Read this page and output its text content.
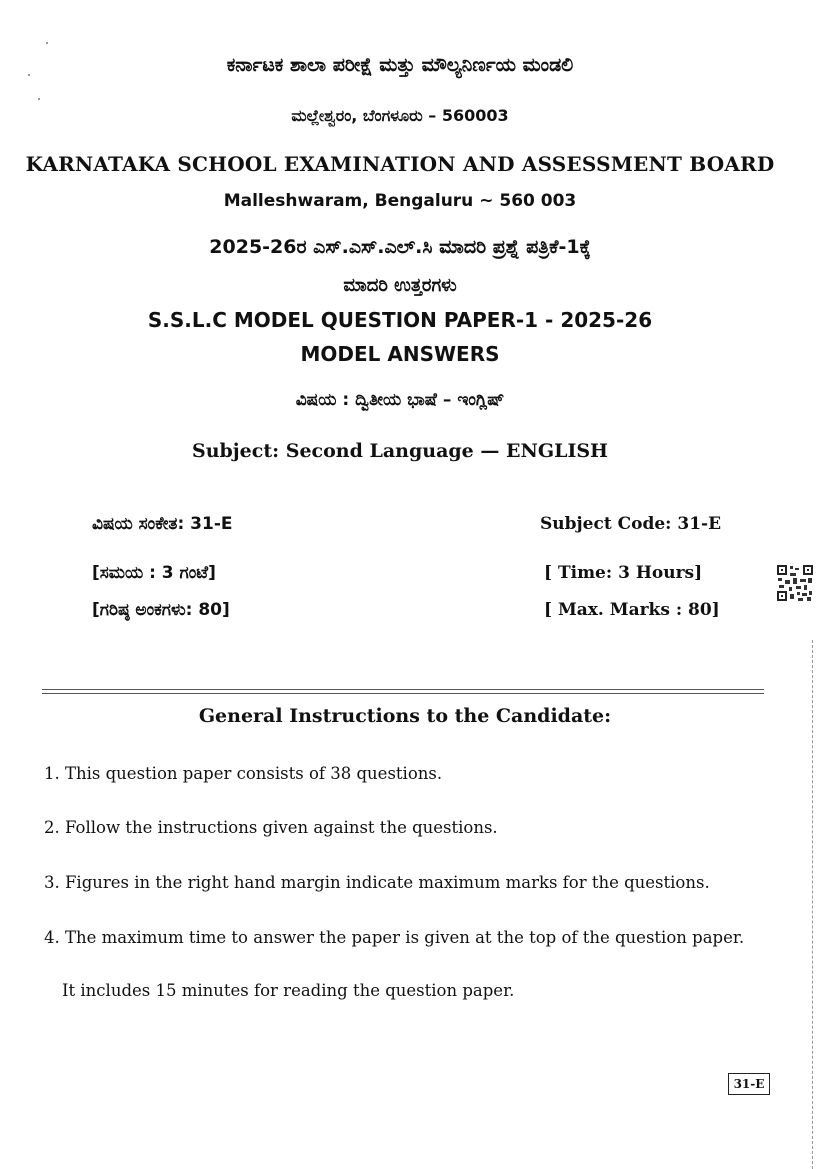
ಕರ್ನಾಟಕ ಶಾಲಾ ಪರೀಕ್ಷೆ ಮತ್ತು ಮೌಲ್ಯನಿರ್ಣಯ ಮಂಡಲಿ
ಮಲ್ಲೇಶ್ವರಂ, ಬೆಂಗಳೂರು – 560003
KARNATAKA SCHOOL EXAMINATION AND ASSESSMENT BOARD
Malleshwaram, Bengaluru ~ 560 003
2025-26ರ ಎಸ್.ಎಸ್.ಎಲ್.ಸಿ ಮಾದರಿ ಪ್ರಶ್ನೆ ಪತ್ರಿಕೆ-1ಕ್ಕೆ
ಮಾದರಿ ಉತ್ತರಗಳು
S.S.L.C MODEL QUESTION PAPER-1 - 2025-26
MODEL ANSWERS
ವಿಷಯ : ದ್ವಿತೀಯ ಭಾಷೆ – ಇಂಗ್ಲಿಷ್
Subject: Second Language — ENGLISH
ವಿಷಯ ಸಂಕೇತ: 31-E	Subject Code: 31-E
[ಸಮಯ : 3 ಗಂಟೆ]	[ Time: 3 Hours]
[ಗರಿಷ್ಠ ಅಂಕಗಳು: 80]	[ Max. Marks : 80]
General Instructions to the Candidate:
1. This question paper consists of 38 questions.
2. Follow the instructions given against the questions.
3. Figures in the right hand margin indicate maximum marks for the questions.
4. The maximum time to answer the paper is given at the top of the question paper.
It includes 15 minutes for reading the question paper.
31-E
